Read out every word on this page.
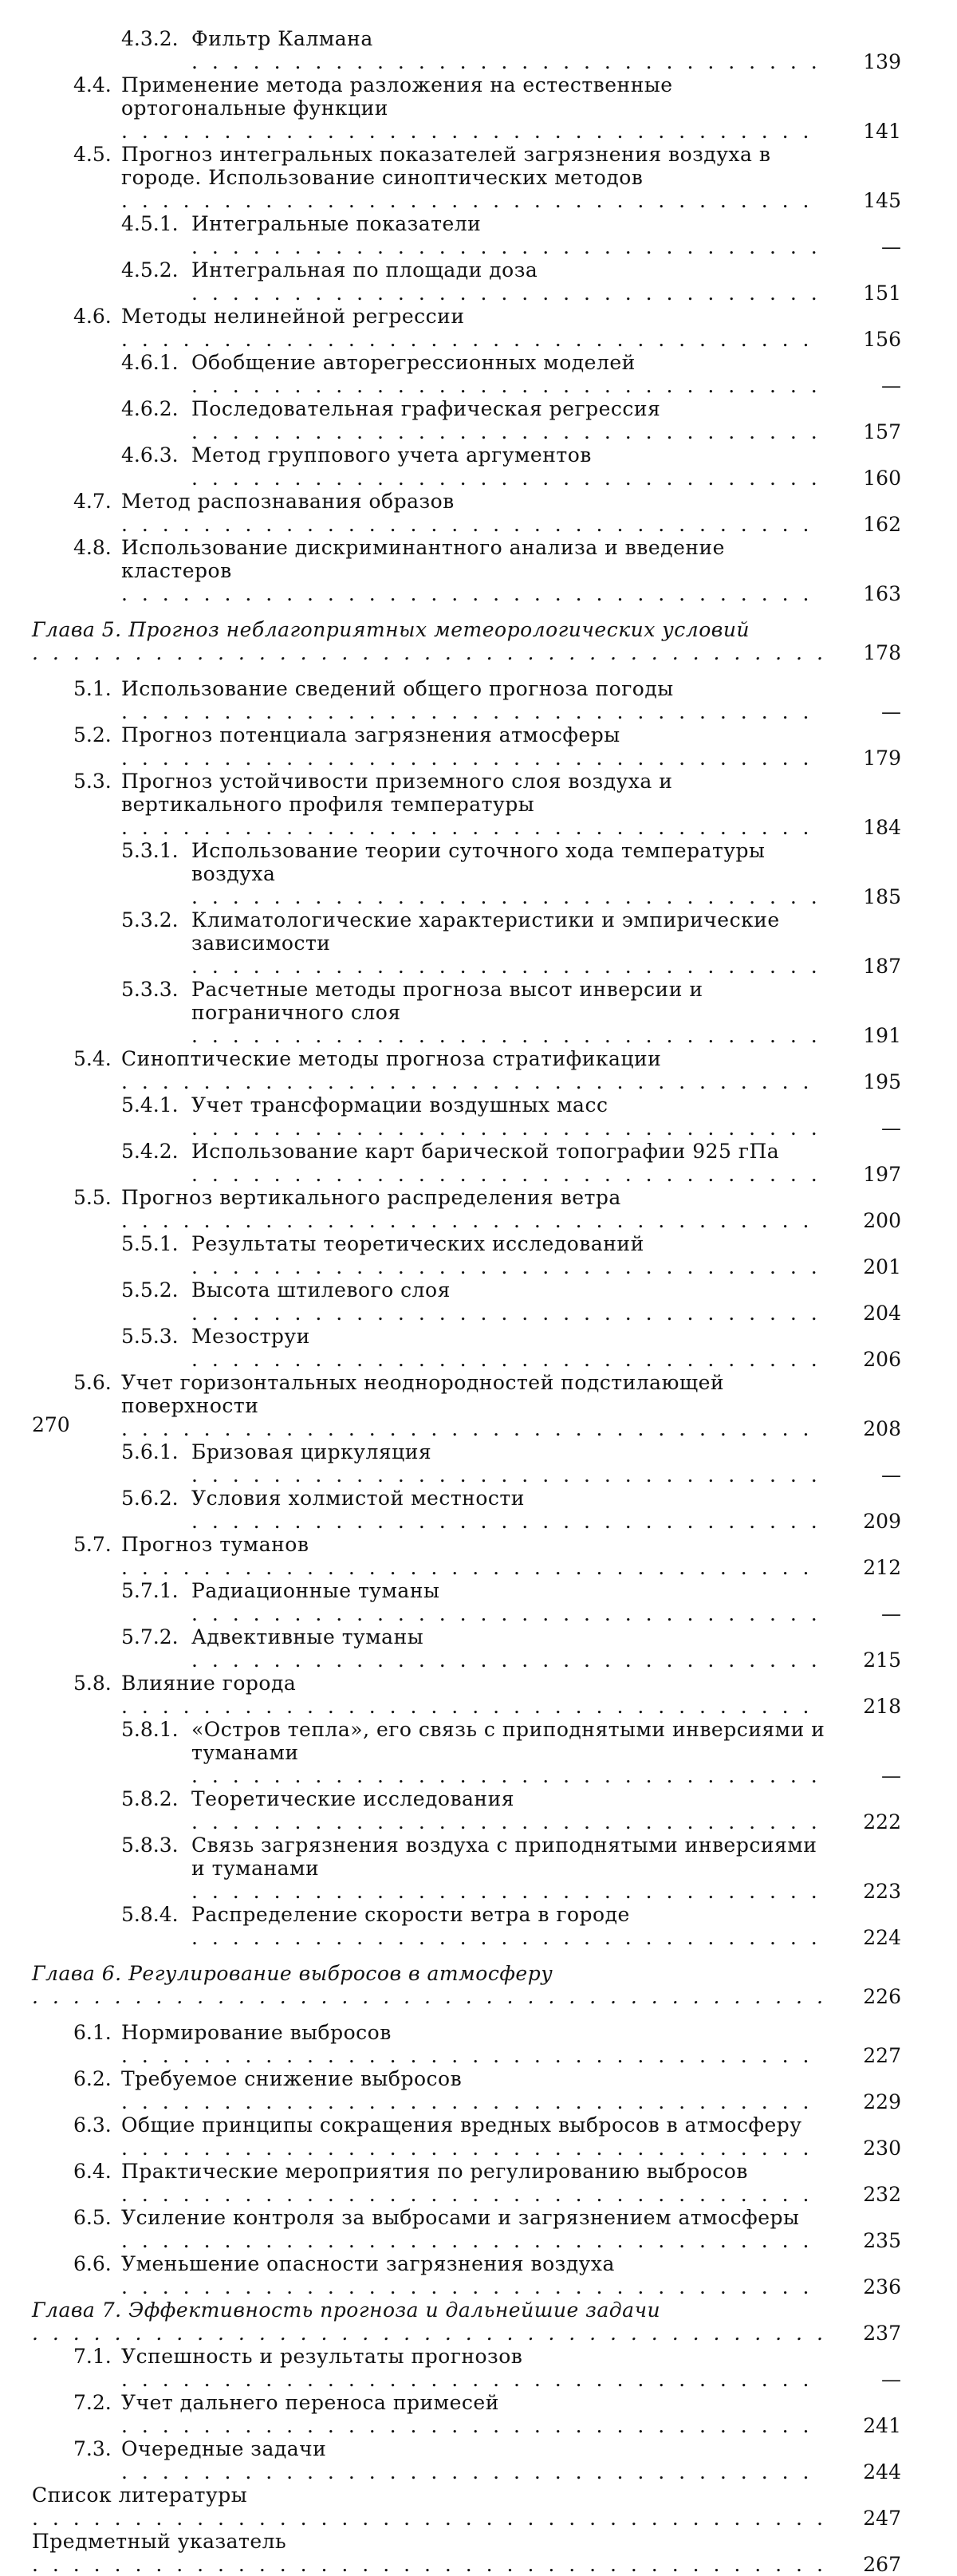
4.3.2. Фильтр Калмана . . . . . . . . . . . . . . . . . . . . . . . . . . . . . . .	139
4.4. Применение метода разложения на естественные ортогональные функции . . . . . . . . . . . . . . . . . . . . . . . . . . . . . . . . . .	141
4.5. Прогноз интегральных показателей загрязнения воздуха в городе. Использование синоптических методов . . . . . . . . . . . . . . . . . . . . . . . . . . . . . . . . . .	145
4.5.1. Интегральные показатели . . . . . . . . . . . . . . . . . . . . . . . . . . . . . . .	—
4.5.2. Интегральная по площади доза . . . . . . . . . . . . . . . . . . . . . . . . . . . . . . .	151
4.6. Методы нелинейной регрессии . . . . . . . . . . . . . . . . . . . . . . . . . . . . . . . . . .	156
4.6.1. Обобщение авторегрессионных моделей . . . . . . . . . . . . . . . . . . . . . . . . . . . . . . .	—
4.6.2. Последовательная графическая регрессия . . . . . . . . . . . . . . . . . . . . . . . . . . . . . . .	157
4.6.3. Метод группового учета аргументов . . . . . . . . . . . . . . . . . . . . . . . . . . . . . . .	160
4.7. Метод распознавания образов . . . . . . . . . . . . . . . . . . . . . . . . . . . . . . . . . .	162
4.8. Использование дискриминантного анализа и введение кластеров . . . . . . . . . . . . . . . . . . . . . . . . . . . . . . . . . .	163
Глава 5. Прогноз неблагоприятных метеорологических условий . . . . . . . . . . . . . . . . . . . . . . . . . . . . . . . . . . . . . . .	178
5.1. Использование сведений общего прогноза погоды . . . . . . . . . . . . . . . . . . . . . . . . . . . . . . . . . .	—
5.2. Прогноз потенциала загрязнения атмосферы . . . . . . . . . . . . . . . . . . . . . . . . . . . . . . . . . .	179
5.3. Прогноз устойчивости приземного слоя воздуха и вертикального профиля температуры . . . . . . . . . . . . . . . . . . . . . . . . . . . . . . . . . .	184
5.3.1. Использование теории суточного хода температуры воздуха . . . . . . . . . . . . . . . . . . . . . . . . . . . . . . .	185
5.3.2. Климатологические характеристики и эмпирические зависимости . . . . . . . . . . . . . . . . . . . . . . . . . . . . . . .	187
5.3.3. Расчетные методы прогноза высот инверсии и пограничного слоя . . . . . . . . . . . . . . . . . . . . . . . . . . . . . . .	191
5.4. Синоптические методы прогноза стратификации . . . . . . . . . . . . . . . . . . . . . . . . . . . . . . . . . .	195
5.4.1. Учет трансформации воздушных масс . . . . . . . . . . . . . . . . . . . . . . . . . . . . . . .	—
5.4.2. Использование карт барической топографии 925 гПа . . . . . . . . . . . . . . . . . . . . . . . . . . . . . . .	197
5.5. Прогноз вертикального распределения ветра . . . . . . . . . . . . . . . . . . . . . . . . . . . . . . . . . .	200
5.5.1. Результаты теоретических исследований . . . . . . . . . . . . . . . . . . . . . . . . . . . . . . .	201
5.5.2. Высота штилевого слоя . . . . . . . . . . . . . . . . . . . . . . . . . . . . . . .	204
5.5.3. Мезоструи . . . . . . . . . . . . . . . . . . . . . . . . . . . . . . .	206
5.6. Учет горизонтальных неоднородностей подстилающей поверхности . . . . . . . . . . . . . . . . . . . . . . . . . . . . . . . . . .	208
5.6.1. Бризовая циркуляция . . . . . . . . . . . . . . . . . . . . . . . . . . . . . . .	—
5.6.2. Условия холмистой местности . . . . . . . . . . . . . . . . . . . . . . . . . . . . . . .	209
5.7. Прогноз туманов . . . . . . . . . . . . . . . . . . . . . . . . . . . . . . . . . .	212
5.7.1. Радиационные туманы . . . . . . . . . . . . . . . . . . . . . . . . . . . . . . .	—
5.7.2. Адвективные туманы . . . . . . . . . . . . . . . . . . . . . . . . . . . . . . .	215
5.8. Влияние города . . . . . . . . . . . . . . . . . . . . . . . . . . . . . . . . . .	218
5.8.1. «Остров тепла», его связь с приподнятыми инверсиями и туманами . . . . . . . . . . . . . . . . . . . . . . . . . . . . . . .	—
5.8.2. Теоретические исследования . . . . . . . . . . . . . . . . . . . . . . . . . . . . . . .	222
5.8.3. Связь загрязнения воздуха с приподнятыми инверсиями и туманами . . . . . . . . . . . . . . . . . . . . . . . . . . . . . . .	223
5.8.4. Распределение скорости ветра в городе . . . . . . . . . . . . . . . . . . . . . . . . . . . . . . .	224
Глава 6. Регулирование выбросов в атмосферу . . . . . . . . . . . . . . . . . . . . . . . . . . . . . . . . . . . . . . .	226
6.1. Нормирование выбросов . . . . . . . . . . . . . . . . . . . . . . . . . . . . . . . . . .	227
6.2. Требуемое снижение выбросов . . . . . . . . . . . . . . . . . . . . . . . . . . . . . . . . . .	229
6.3. Общие принципы сокращения вредных выбросов в атмосферу . . . . . . . . . . . . . . . . . . . . . . . . . . . . . . . . . .	230
6.4. Практические мероприятия по регулированию выбросов . . . . . . . . . . . . . . . . . . . . . . . . . . . . . . . . . .	232
6.5. Усиление контроля за выбросами и загрязнением атмосферы . . . . . . . . . . . . . . . . . . . . . . . . . . . . . . . . . .	235
6.6. Уменьшение опасности загрязнения воздуха . . . . . . . . . . . . . . . . . . . . . . . . . . . . . . . . . .	236
Глава 7. Эффективность прогноза и дальнейшие задачи . . . . . . . . . . . . . . . . . . . . . . . . . . . . . . . . . . . . . . .	237
7.1. Успешность и результаты прогнозов . . . . . . . . . . . . . . . . . . . . . . . . . . . . . . . . . .	—
7.2. Учет дальнего переноса примесей . . . . . . . . . . . . . . . . . . . . . . . . . . . . . . . . . .	241
7.3. Очередные задачи . . . . . . . . . . . . . . . . . . . . . . . . . . . . . . . . . .	244
Список литературы . . . . . . . . . . . . . . . . . . . . . . . . . . . . . . . . . . . . . . .	247
Предметный указатель . . . . . . . . . . . . . . . . . . . . . . . . . . . . . . . . . . . . . . .	267
270
